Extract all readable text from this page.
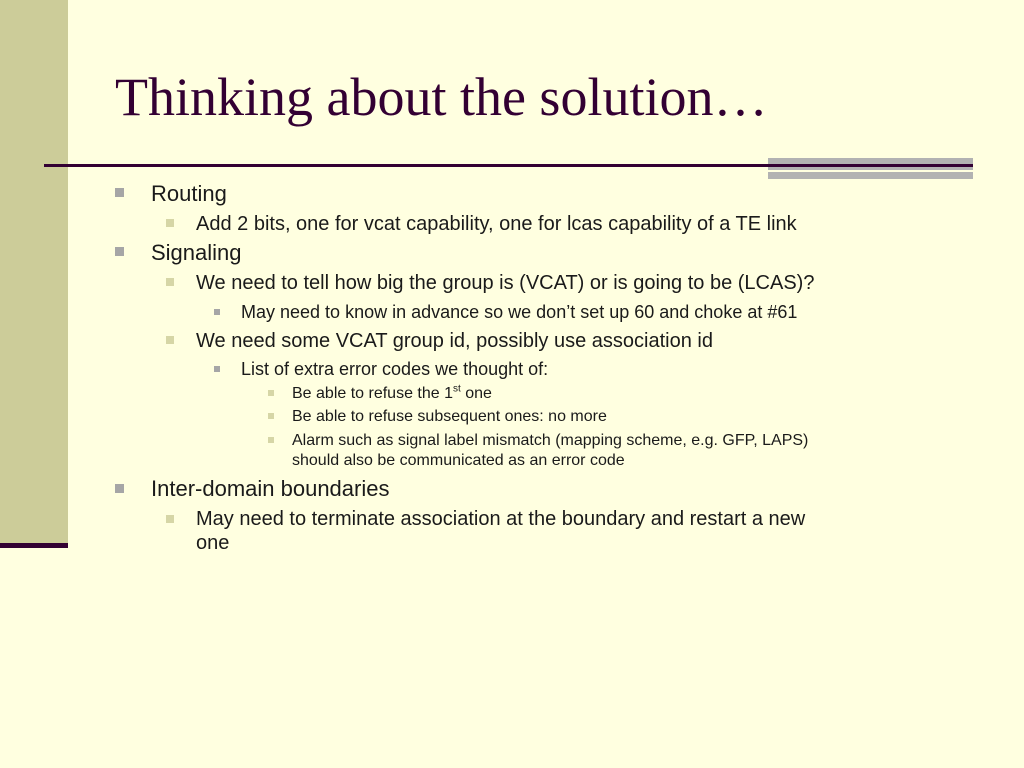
Thinking about the solution…
Routing
Add 2 bits, one for vcat capability, one for lcas capability of a TE link
Signaling
We need to tell how big the group is (VCAT) or is going to be (LCAS)?
May need to know in advance so we don’t set up 60 and choke at #61
We need some VCAT group id, possibly use association id
List of extra error codes we thought of:
Be able to refuse the 1st one
Be able to refuse subsequent ones: no more
Alarm such as signal label mismatch (mapping scheme, e.g. GFP, LAPS)
should also be communicated as an error code
Inter-domain boundaries
May need to terminate association at the boundary and restart a new
one
